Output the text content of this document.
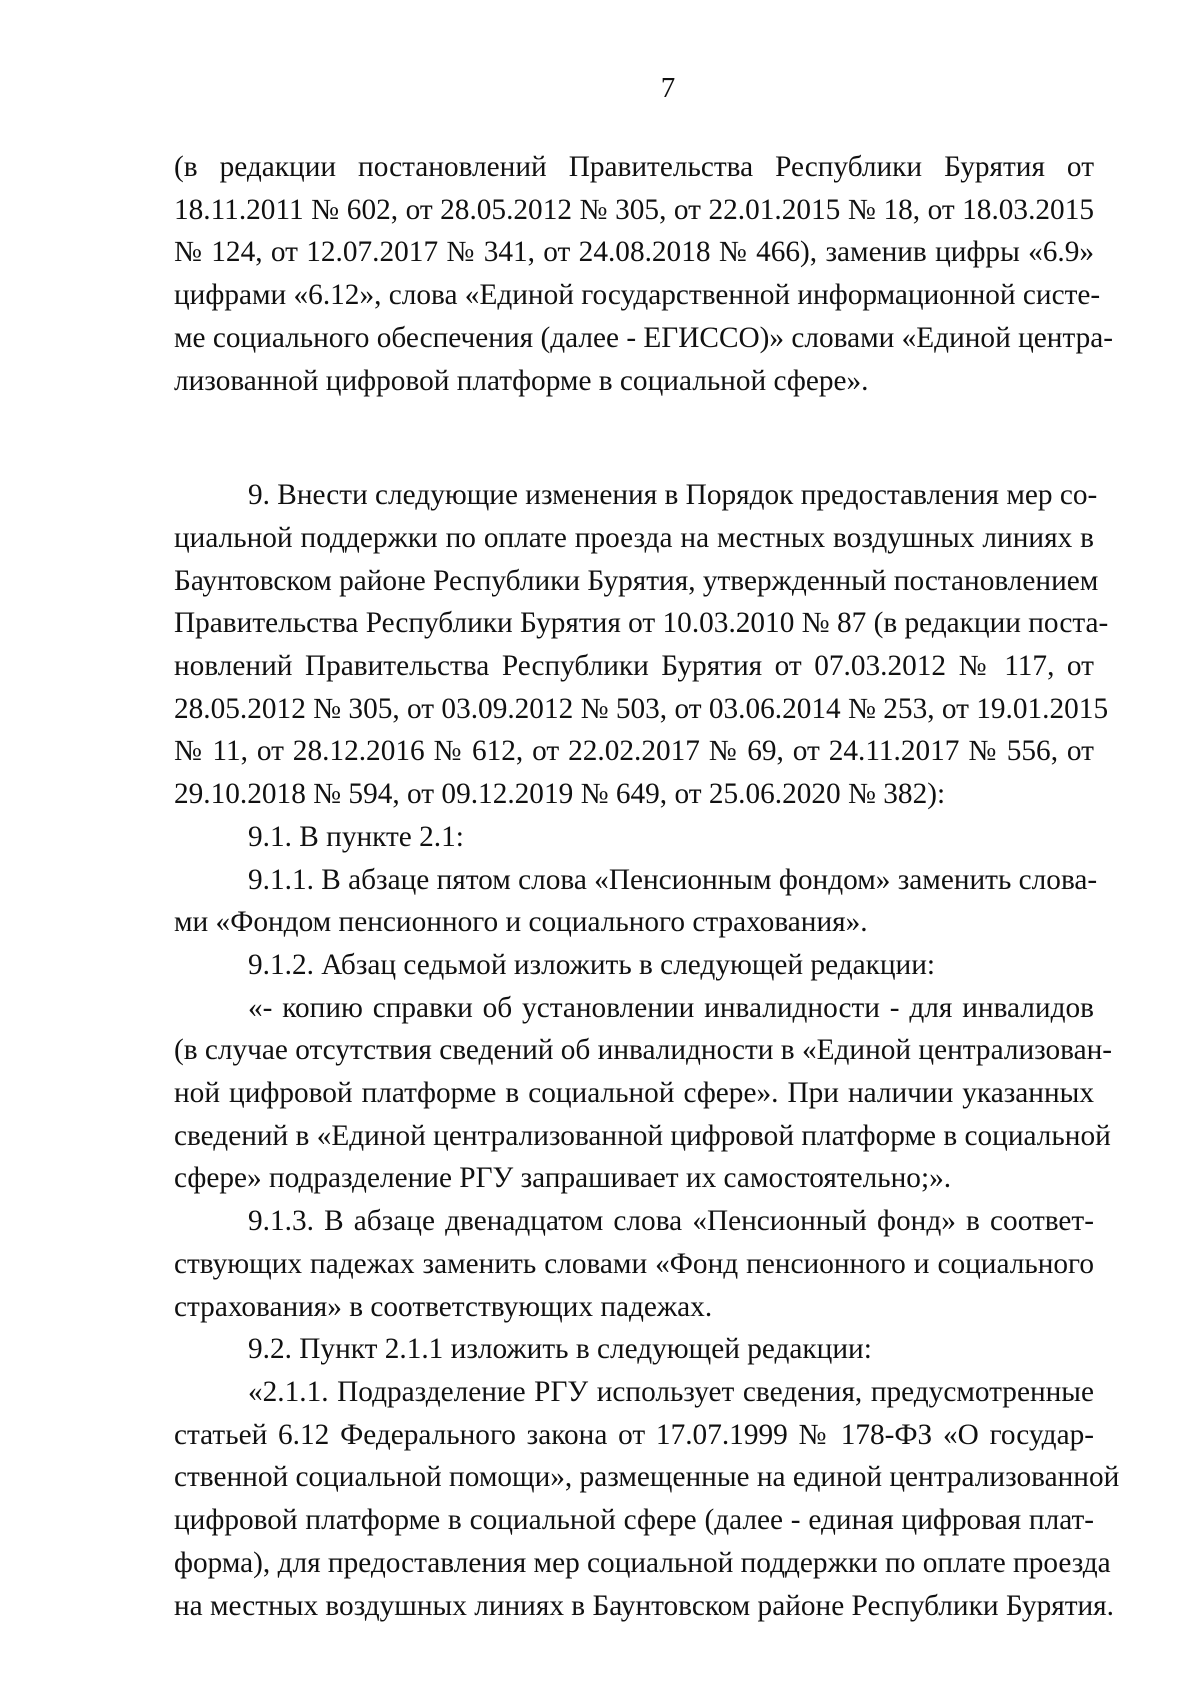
7
(в редакции постановлений Правительства Республики Бурятия от
18.11.2011 № 602, от 28.05.2012 № 305, от 22.01.2015 № 18, от 18.03.2015
№ 124, от 12.07.2017 № 341, от 24.08.2018 № 466), заменив цифры «6.9»
цифрами «6.12», слова «Единой государственной информационной систе-
ме социального обеспечения (далее - ЕГИССО)» словами «Единой центра-
лизованной цифровой платформе в социальной сфере».
9. Внести следующие изменения в Порядок предоставления мер со-
циальной поддержки по оплате проезда на местных воздушных линиях в
Баунтовском районе Республики Бурятия, утвержденный постановлением
Правительства Республики Бурятия от 10.03.2010 № 87 (в редакции поста-
новлений Правительства Республики Бурятия от 07.03.2012 № 117, от
28.05.2012 № 305, от 03.09.2012 № 503, от 03.06.2014 № 253, от 19.01.2015
№ 11, от 28.12.2016 № 612, от 22.02.2017 № 69, от 24.11.2017 № 556, от
29.10.2018 № 594, от 09.12.2019 № 649, от 25.06.2020 № 382):
9.1. В пункте 2.1:
9.1.1. В абзаце пятом слова «Пенсионным фондом» заменить слова-
ми «Фондом пенсионного и социального страхования».
9.1.2. Абзац седьмой изложить в следующей редакции:
«- копию справки об установлении инвалидности - для инвалидов
(в случае отсутствия сведений об инвалидности в «Единой централизован-
ной цифровой платформе в социальной сфере». При наличии указанных
сведений в «Единой централизованной цифровой платформе в социальной
сфере» подразделение РГУ запрашивает их самостоятельно;».
9.1.3. В абзаце двенадцатом слова «Пенсионный фонд» в соответ-
ствующих падежах заменить словами «Фонд пенсионного и социального
страхования» в соответствующих падежах.
9.2. Пункт 2.1.1 изложить в следующей редакции:
«2.1.1. Подразделение РГУ использует сведения, предусмотренные
статьей 6.12 Федерального закона от 17.07.1999 № 178-ФЗ «О государ-
ственной социальной помощи», размещенные на единой централизованной
цифровой платформе в социальной сфере (далее - единая цифровая плат-
форма), для предоставления мер социальной поддержки по оплате проезда
на местных воздушных линиях в Баунтовском районе Республики Бурятия.
